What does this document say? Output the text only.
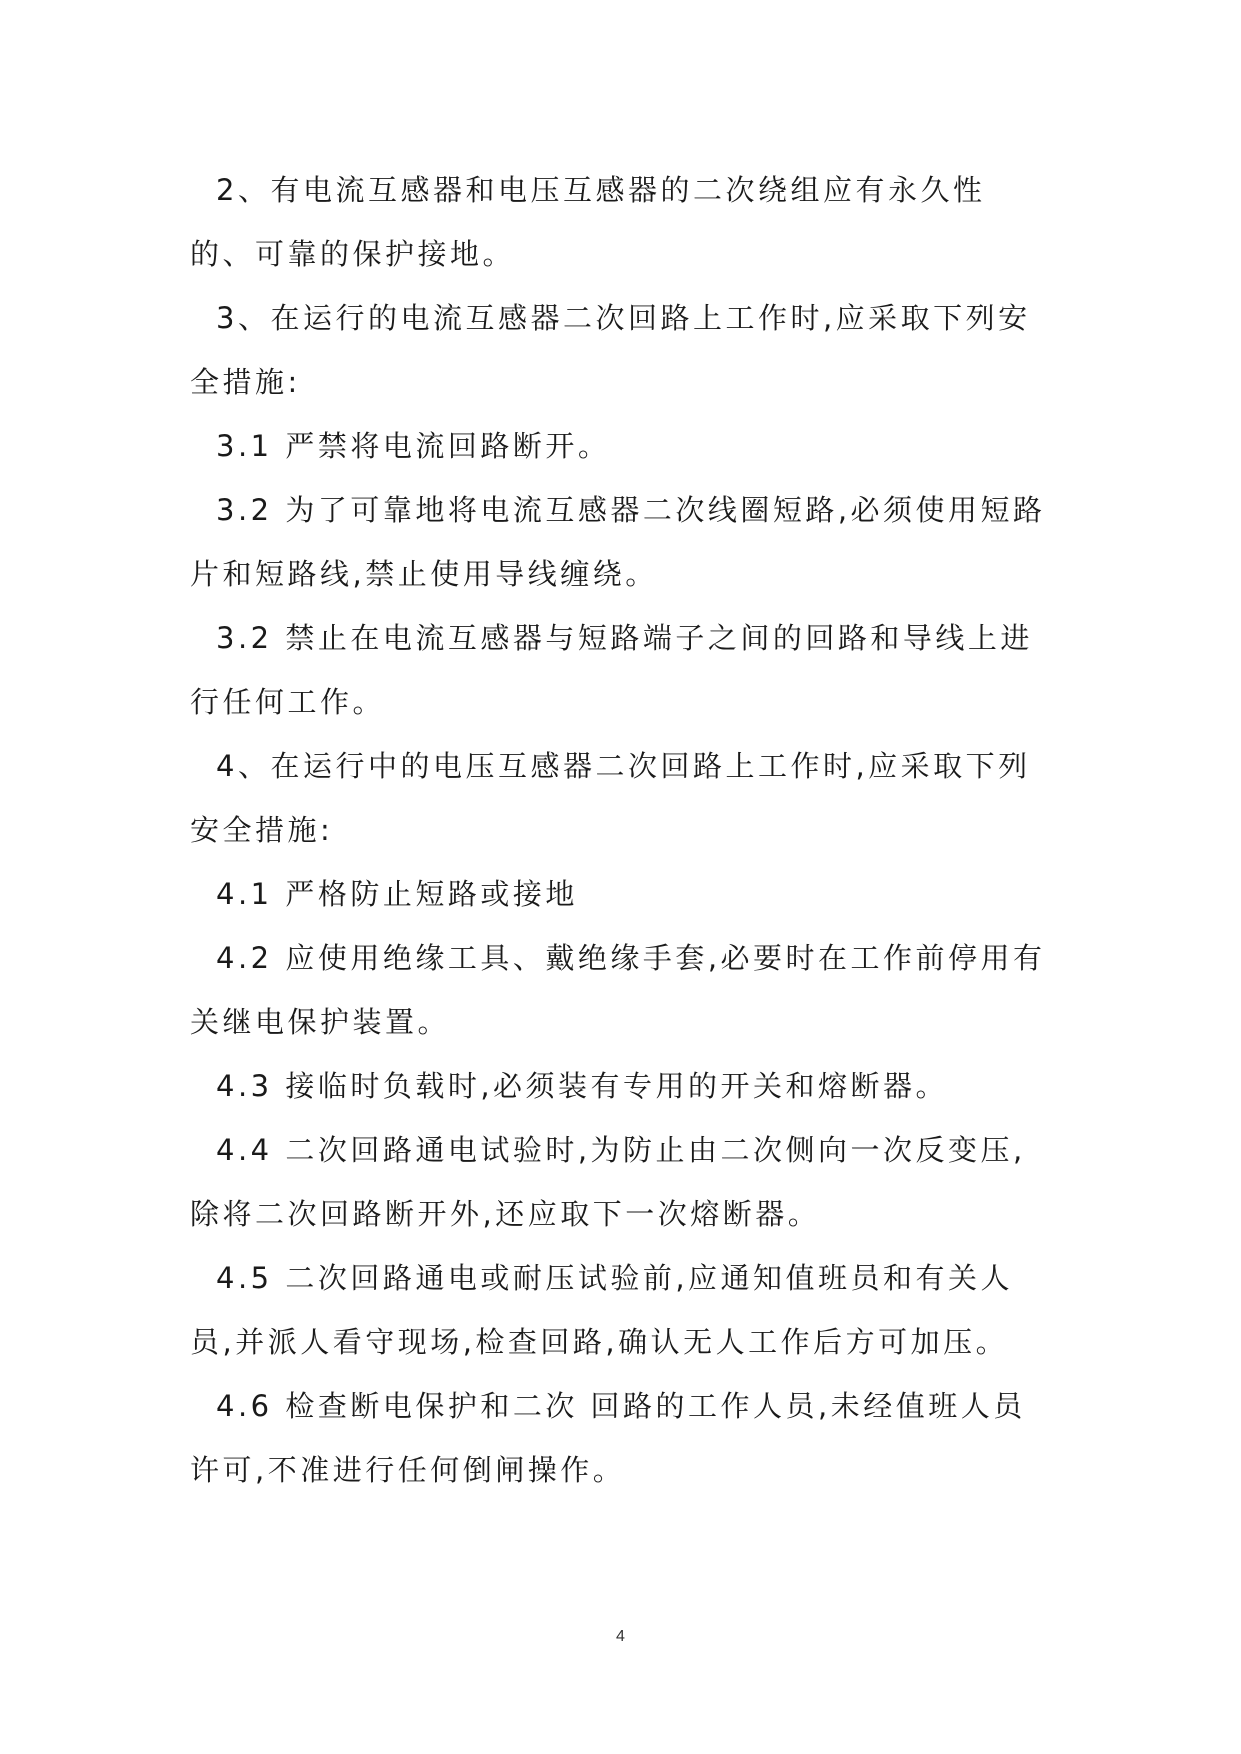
2、有电流互感器和电压互感器的二次绕组应有永久性的、可靠的保护接地。

3、在运行的电流互感器二次回路上工作时,应采取下列安全措施:

3.1 严禁将电流回路断开。

3.2 为了可靠地将电流互感器二次线圈短路,必须使用短路片和短路线,禁止使用导线缠绕。

3.2 禁止在电流互感器与短路端子之间的回路和导线上进行任何工作。

4、在运行中的电压互感器二次回路上工作时,应采取下列安全措施:

4.1 严格防止短路或接地

4.2 应使用绝缘工具、戴绝缘手套,必要时在工作前停用有关继电保护装置。

4.3 接临时负载时,必须装有专用的开关和熔断器。

4.4 二次回路通电试验时,为防止由二次侧向一次反变压,除将二次回路断开外,还应取下一次熔断器。

4.5 二次回路通电或耐压试验前,应通知值班员和有关人员,并派人看守现场,检查回路,确认无人工作后方可加压。

4.6 检查断电保护和二次 回路的工作人员,未经值班人员许可,不准进行任何倒闸操作。

4
